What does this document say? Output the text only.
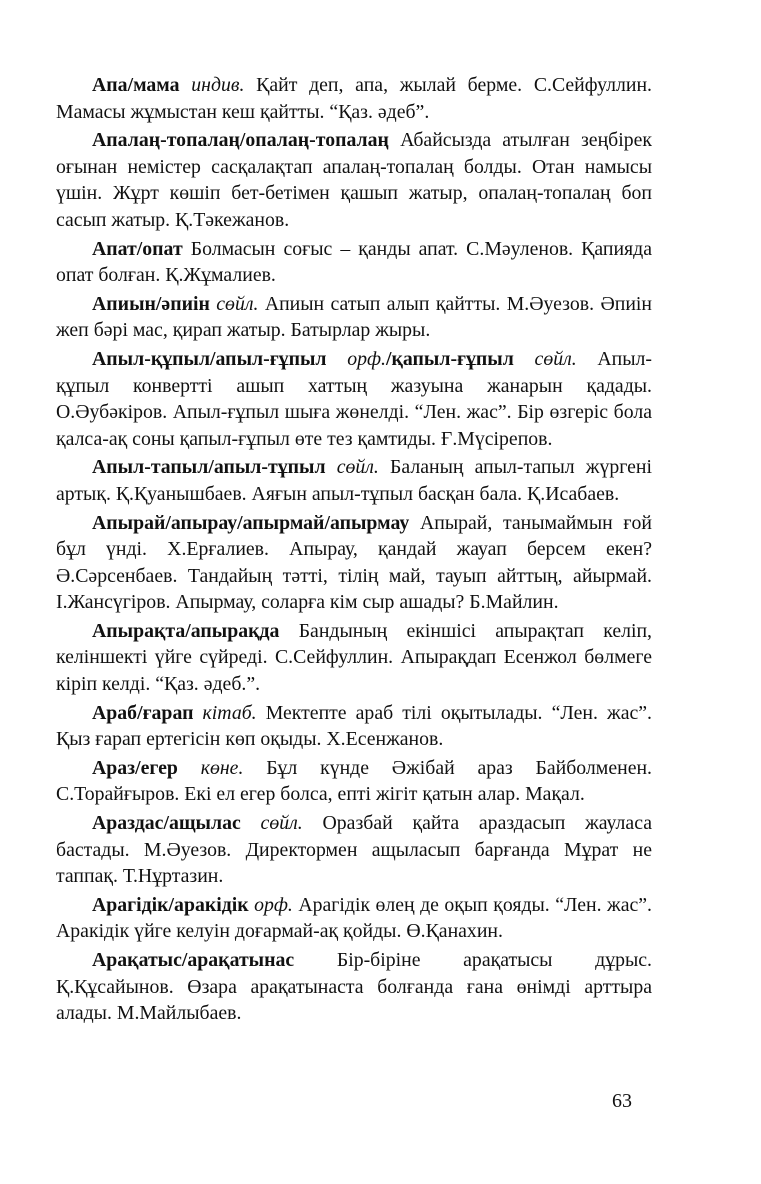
Апа/мама индив. Қайт деп, апа, жылай берме. С.Сейфуллин. Мамасы жұмыстан кеш қайтты. “Қаз. әдеб”.

Апалаң-топалаң/опалаң-топалаң Абайсызда атылған зеңбірек оғынан немістер сасқалақтап апалаң-топалаң болды. Отан намысы үшін. Жұрт көшіп бет-бетімен қашып жатыр, опалаң-топалаң боп сасып жатыр. Қ.Тәкежанов.

Апат/опат Болмасын соғыс – қанды апат. С.Мәуленов. Қапияда опат болған. Қ.Жұмалиев.

Апиын/әпиін сөйл. Апиын сатып алып қайтты. М.Әуезов. Әпиін жеп бәрі мас, қирап жатыр. Батырлар жыры.

Апыл-құпыл/апыл-ғұпыл орф./қапыл-ғұпыл сөйл. Апыл-құпыл конвертті ашып хаттың жазуына жанарын қадады. О.Әубәкіров. Апыл-ғұпыл шыға жөнелді. “Лен. жас”. Бір өзгеріс бола қалса-ақ соны қапыл-ғұпыл өте тез қамтиды. Ғ.Мүсірепов.

Апыл-тапыл/апыл-тұпыл сөйл. Баланың апыл-тапыл жүргені артық. Қ.Қуанышбаев. Аяғын апыл-тұпыл басқан бала. Қ.Исабаев.

Апырай/апырау/апырмай/апырмау Апырай, танымаймын ғой бұл үнді. Х.Ерғалиев. Апырау, қандай жауап берсем екен? Ә.Сәрсенбаев. Тандайың тәтті, тілің май, тауып айттың, айырмай. І.Жансүгіров. Апырмау, соларға кім сыр ашады? Б.Майлин.

Апырақта/апырақда Бандының екіншісі апырақтап келіп, келіншекті үйге сүйреді. С.Сейфуллин. Апырақдап Есенжол бөлмеге кіріп келді. “Қаз. әдеб.”.

Араб/ғарап кітаб. Мектепте араб тілі оқытылады. “Лен. жас”. Қыз ғарап ертегісін көп оқыды. Х.Есенжанов.

Араз/егер көне. Бұл күнде Әжібай араз Байболменен. С.Торайғыров. Екі ел егер болса, епті жігіт қатын алар. Мақал.

Араздас/ащылас сөйл. Оразбай қайта араздасып жауласа бастады. М.Әуезов. Директормен ащыласып барғанда Мұрат не таппақ. Т.Нұртазин.

Арагідік/аракідік орф. Арагідік өлең де оқып қояды. “Лен. жас”. Аракідік үйге келуін доғармай-ақ қойды. Ө.Қанахин.

Арақатыс/арақатынас Бір-біріне арақатысы дұрыс. Қ.Құсайынов. Өзара арақатынаста болғанда ғана өнімді арттыра алады. М.Майлыбаев.

63
